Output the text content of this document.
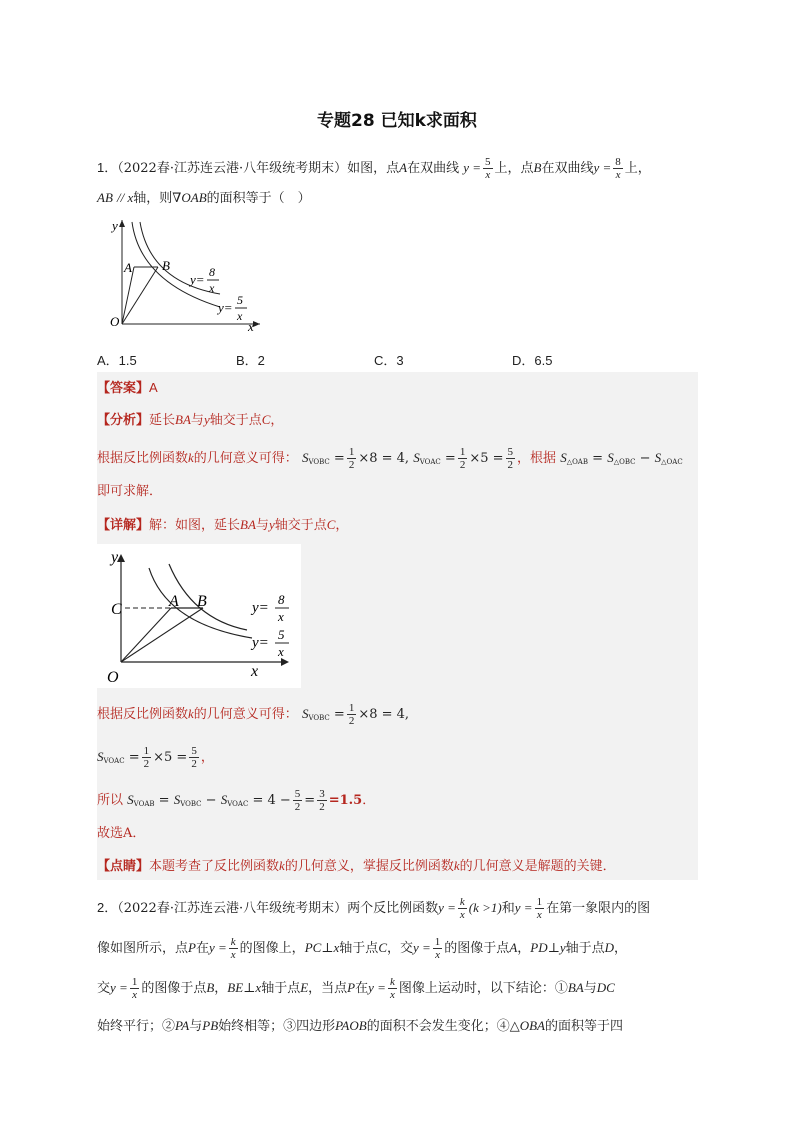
专题28 已知k求面积
1．（2022春·江苏连云港·八年级统考期末）如图，点A在双曲线 $y = \frac{5}{x}$ 上，点B在双曲线$y = \frac{8}{x}$ 上，
AB // x轴，则∇OAB的面积等于（　）
y
x
O
A B
y= 8
x
y= 5
x
A．1.5	B．2	C．3	D．6.5
【答案】A
【分析】延长BA与y轴交于点C，
根据反比例函数k的几何意义可得： $S_{VOBC} = \frac{1}{2} \times 8 = 4$, $S_{VOAC} = \frac{1}{2} \times 5 = \frac{5}{2}$ ，根据 $S_{\triangle OAB} = S_{\triangle OBC} - S_{\triangle OAC}$
即可求解．
【详解】解：如图，延长BA与y轴交于点C，
y
x
O
C	A B	y=
8
x
y=
5
x
根据反比例函数k的几何意义可得： $S_{VOBC} = \frac{1}{2} \times 8 = 4$,
$S_{VOAC} = \frac{1}{2} \times 5 = \frac{5}{2}$ ，
所以 $S_{VOAB} = S_{VOBC} - S_{VOAC} = 4 - \frac{5}{2} = \frac{3}{2} =1.5$．
故选A．
【点睛】本题考查了反比例函数k的几何意义，掌握反比例函数k的几何意义是解题的关键．
2．（2022春·江苏连云港·八年级统考期末）两个反比例函数$y = \frac{k}{x} (k >1)$和$y = \frac{1}{x}$ 在第一象限内的图
像如图所示，点P在$y = \frac{k}{x}$ 的图像上，PC⊥x轴于点C，交$y = \frac{1}{x}$ 的图像于点A，PD⊥y轴于点D，
交$y = \frac{1}{x}$ 的图像于点B，BE⊥x轴于点E，当点P在$y = \frac{k}{x}$ 图像上运动时，以下结论：①BA与DC
始终平行；②PA与PB始终相等；③四边形PAOB的面积不会发生变化；④△OBA的面积等于四
